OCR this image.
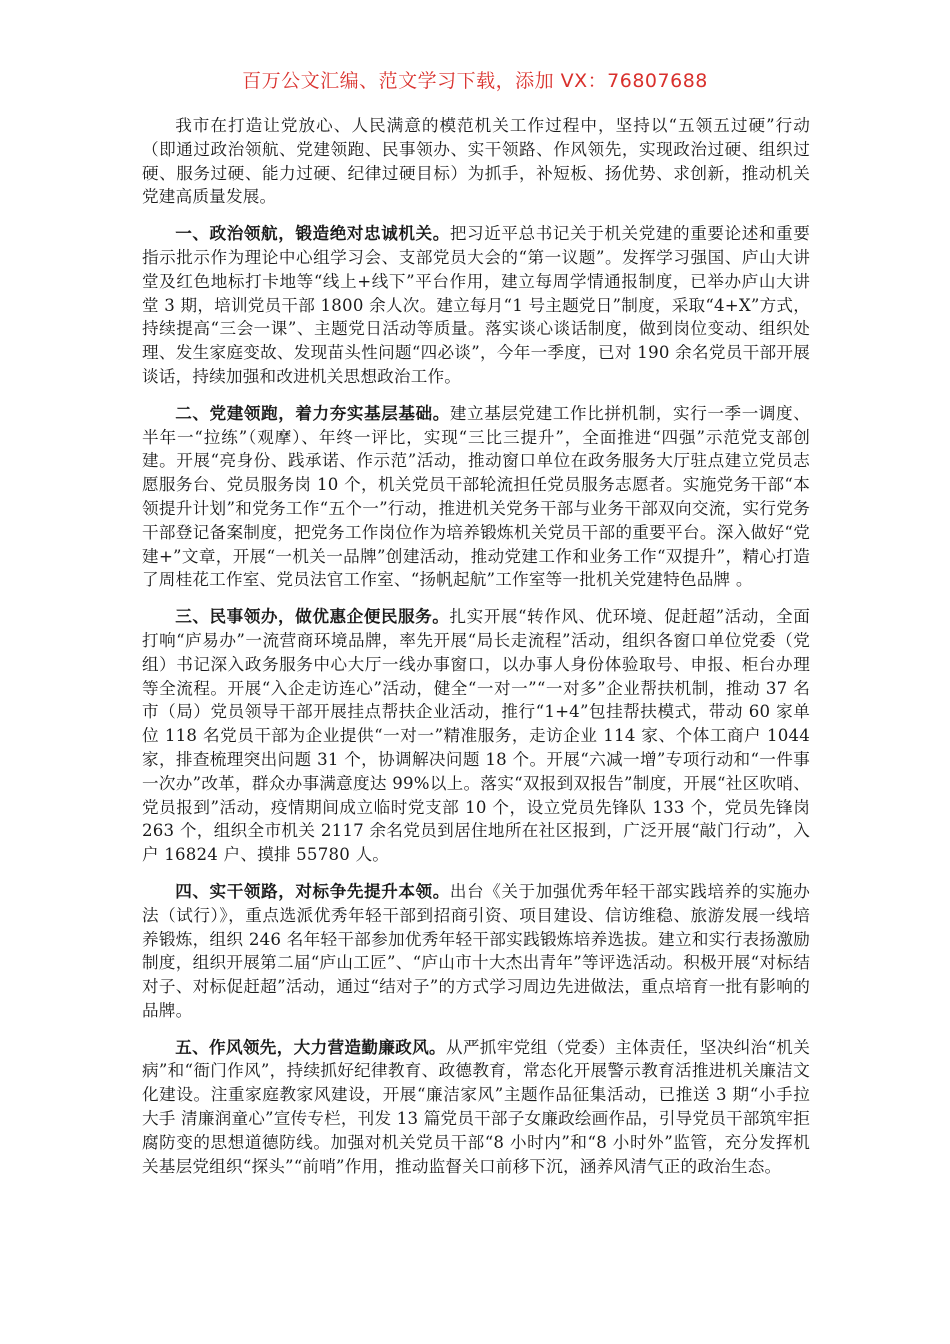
百万公文汇编、范文学习下载，添加 VX：76807688

我市在打造让党放心、人民满意的模范机关工作过程中，坚持以“五领五过硬”行动（即通过政治领航、党建领跑、民事领办、实干领路、作风领先，实现政治过硬、组织过硬、服务过硬、能力过硬、纪律过硬目标）为抓手，补短板、扬优势、求创新，推动机关党建高质量发展。

一、政治领航，锻造绝对忠诚机关。把习近平总书记关于机关党建的重要论述和重要指示批示作为理论中心组学习会、支部党员大会的“第一议题”。发挥学习强国、庐山大讲堂及红色地标打卡地等“线上+线下”平台作用，建立每周学情通报制度，已举办庐山大讲堂 3 期，培训党员干部 1800 余人次。建立每月“1 号主题党日”制度，采取“4+X”方式，持续提高“三会一课”、主题党日活动等质量。落实谈心谈话制度，做到岗位变动、组织处理、发生家庭变故、发现苗头性问题“四必谈”，今年一季度，已对 190 余名党员干部开展谈话，持续加强和改进机关思想政治工作。

二、党建领跑，着力夯实基层基础。建立基层党建工作比拼机制，实行一季一调度、半年一“拉练”（观摩）、年终一评比，实现“三比三提升”，全面推进“四强”示范党支部创建。开展“亮身份、践承诺、作示范”活动，推动窗口单位在政务服务大厅驻点建立党员志愿服务台、党员服务岗 10 个，机关党员干部轮流担任党员服务志愿者。实施党务干部“本领提升计划”和党务工作“五个一”行动，推进机关党务干部与业务干部双向交流，实行党务干部登记备案制度，把党务工作岗位作为培养锻炼机关党员干部的重要平台。深入做好“党建+”文章，开展“一机关一品牌”创建活动，推动党建工作和业务工作“双提升”，精心打造了周桂花工作室、党员法官工作室、“扬帆起航”工作室等一批机关党建特色品牌 。

三、民事领办，做优惠企便民服务。扎实开展“转作风、优环境、促赶超”活动，全面打响“庐易办”一流营商环境品牌，率先开展“局长走流程”活动，组织各窗口单位党委（党组）书记深入政务服务中心大厅一线办事窗口，以办事人身份体验取号、申报、柜台办理等全流程。开展“入企走访连心”活动，健全“一对一”“一对多”企业帮扶机制，推动 37 名市（局）党员领导干部开展挂点帮扶企业活动，推行“1+4”包挂帮扶模式，带动 60 家单位 118 名党员干部为企业提供“一对一”精准服务，走访企业 114 家、个体工商户 1044 家，排查梳理突出问题 31 个，协调解决问题 18 个。开展“六减一增”专项行动和“一件事一次办”改革，群众办事满意度达 99%以上。落实“双报到双报告”制度，开展“社区吹哨、党员报到”活动，疫情期间成立临时党支部 10 个，设立党员先锋队 133 个，党员先锋岗 263 个，组织全市机关 2117 余名党员到居住地所在社区报到，广泛开展“敲门行动”，入户 16824 户、摸排 55780 人。

四、实干领路，对标争先提升本领。出台《关于加强优秀年轻干部实践培养的实施办法（试行）》，重点选派优秀年轻干部到招商引资、项目建设、信访维稳、旅游发展一线培养锻炼，组织 246 名年轻干部参加优秀年轻干部实践锻炼培养选拔。建立和实行表扬激励制度，组织开展第二届“庐山工匠”、“庐山市十大杰出青年”等评选活动。积极开展“对标结对子、对标促赶超”活动，通过“结对子”的方式学习周边先进做法，重点培育一批有影响的品牌。

五、作风领先，大力营造勤廉政风。从严抓牢党组（党委）主体责任，坚决纠治“机关病”和“衙门作风”，持续抓好纪律教育、政德教育，常态化开展警示教育活推进机关廉洁文化建设。注重家庭教家风建设，开展“廉洁家风”主题作品征集活动，已推送 3 期“小手拉大手 清廉润童心”宣传专栏，刊发 13 篇党员干部子女廉政绘画作品，引导党员干部筑牢拒腐防变的思想道德防线。加强对机关党员干部“8 小时内”和“8 小时外”监管，充分发挥机关基层党组织“探头”“前哨”作用，推动监督关口前移下沉，涵养风清气正的政治生态。
